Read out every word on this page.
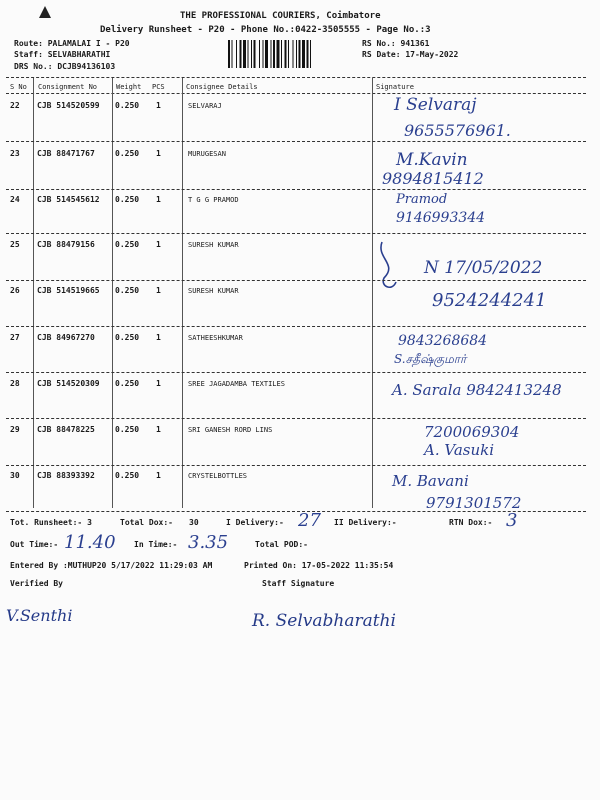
THE PROFESSIONAL COURIERS, Coimbatore
Delivery Runsheet - P20 - Phone No.:0422-3505555 - Page No.:3
Route: PALAMALAI I - P20
Staff: SELVABHARATHI
DRS No.: DCJB94136103
RS No.: 941361
RS Date: 17-May-2022
S No Consignment No	Weight PCS	Consignee Details	Signature
22 CJB 514520599 0.250 1	SELVARAJ	I Selvaraj
9655576961.
23 CJB 88471767	0.250 1	MURUGESAN	M.Kavin
9894815412
24 CJB 514545612 0.250 1	T G G PRAMOD	Pramod
9146993344
25 CJB 88479156	0.250 1	SURESH KUMAR
N 17/05/2022
26 CJB 514519665 0.250 1	SURESH KUMAR	9524244241
27 CJB 84967270	0.250 1	SATHEESHKUMAR	9843268684
S.சதீஷ்குமார்
28 CJB 514520309 0.250 1	SREE JAGADAMBA TEXTILES	A. Sarala 9842413248
29 CJB 88478225	0.250 1	SRI GANESH RORD LINS	7200069304
A. Vasuki
30 CJB 88393392	0.250 1	CRYSTELBOTTLES	M. Bavani
9791301572
Tot. Runsheet:- 3	Total Dox:- 30	I Delivery:- 27 II Delivery:-	RTN Dox:- 3
Out Time:- 11.40 In Time:- 3.35	Total POD:-
Entered By :MUTHUP20 5/17/2022 11:29:03 AM	Printed On: 17-05-2022 11:35:54
Verified By	Staff Signature
V.Senthi	R. Selvabharathi
